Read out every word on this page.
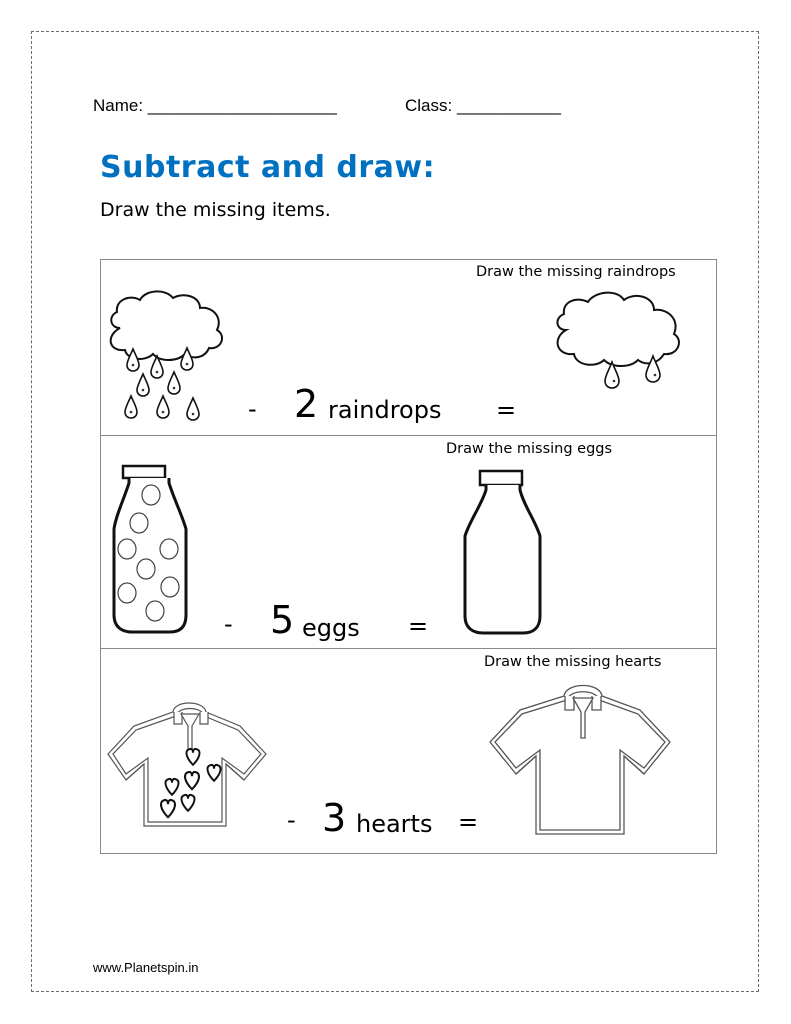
Name: ____________________	Class: ___________
Subtract and draw:
Draw the missing items.
Draw the missing raindrops
- 2 raindrops =
Draw the missing eggs
- 5 eggs =
Draw the missing hearts
- 3 hearts =
www.Planetspin.in
